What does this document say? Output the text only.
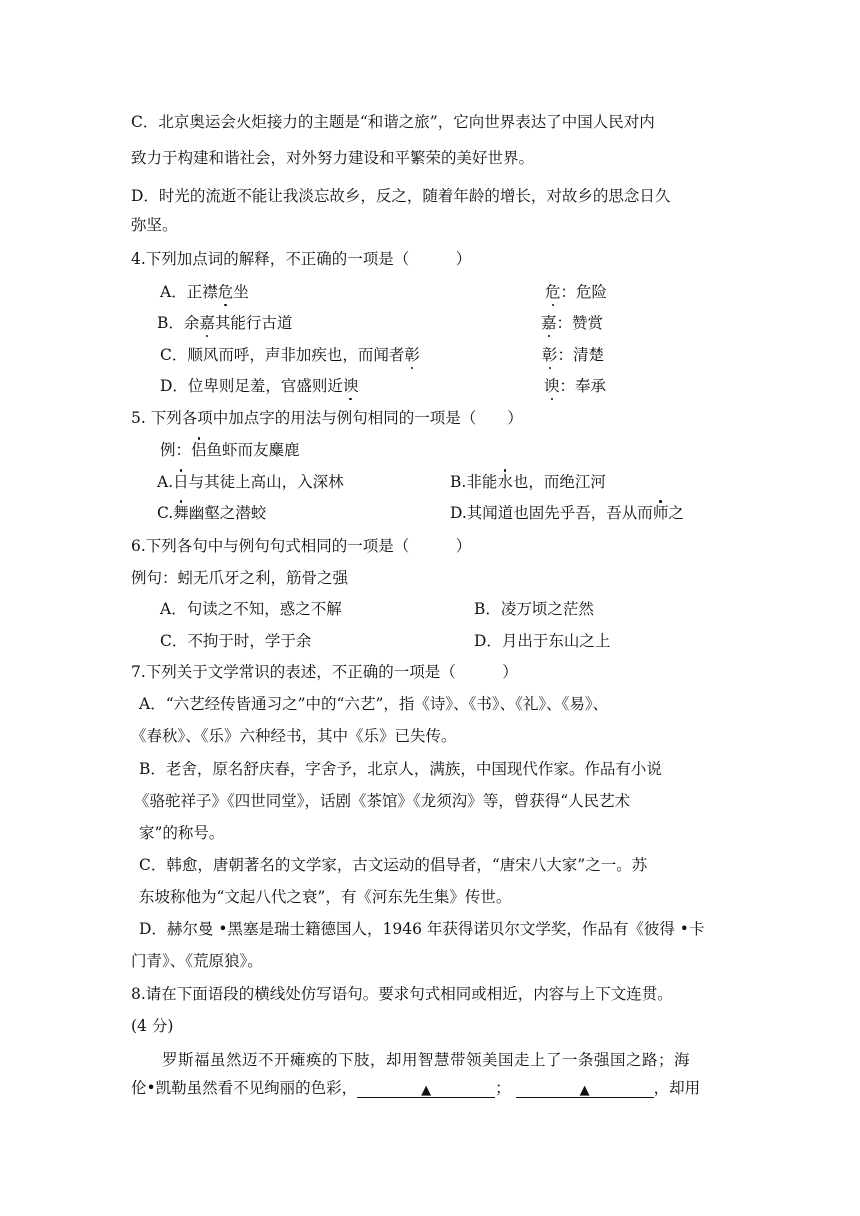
C．北京奥运会火炬接力的主题是“和谐之旅”，它向世界表达了中国人民对内
致力于构建和谐社会，对外努力建设和平繁荣的美好世界。
D．时光的流逝不能让我淡忘故乡，反之，随着年龄的增长，对故乡的思念日久
弥坚。
4.下列加点词的解释，不正确的一项是（　　　）
A．正襟危坐	危：危险
B．余嘉其能行古道	嘉：赞赏
C．顺风而呼，声非加疾也，而闻者彰	彰：清楚
D．位卑则足羞，官盛则近谀	谀：奉承
5. 下列各项中加点字的用法与例句相同的一项是（　　）
例：侣鱼虾而友麋鹿
A.日与其徒上高山，入深林	B.非能水也，而绝江河
C.舞幽壑之潜蛟	D.其闻道也固先乎吾，吾从而师之
6.下列各句中与例句句式相同的一项是（　　　）
例句：蚓无爪牙之利，筋骨之强
A．句读之不知，惑之不解	B．凌万顷之茫然
C．不拘于时，学于余	D．月出于东山之上
7.下列关于文学常识的表述，不正确的一项是（　　　）
A．“六艺经传皆通习之”中的“六艺”，指《诗》、《书》、《礼》、《易》、
《春秋》、《乐》六种经书，其中《乐》已失传。
B．老舍，原名舒庆春，字舍予，北京人，满族，中国现代作家。作品有小说
《骆驼祥子》《四世同堂》，话剧《茶馆》《龙须沟》等，曾获得“人民艺术
家”的称号。
C．韩愈，唐朝著名的文学家，古文运动的倡导者，“唐宋八大家”之一。苏
东坡称他为“文起八代之衰”，有《河东先生集》传世。
D．赫尔曼 •黑塞是瑞士籍德国人，1946 年获得诺贝尔文学奖，作品有《彼得 •卡
门青》、《荒原狼》。
8.请在下面语段的横线处仿写语句。要求句式相同或相近，内容与上下文连贯。
(4 分)
罗斯福虽然迈不开瘫痪的下肢，却用智慧带领美国走上了一条强国之路；海
伦•凯勒虽然看不见绚丽的色彩，	▲	；	▲	，却用
